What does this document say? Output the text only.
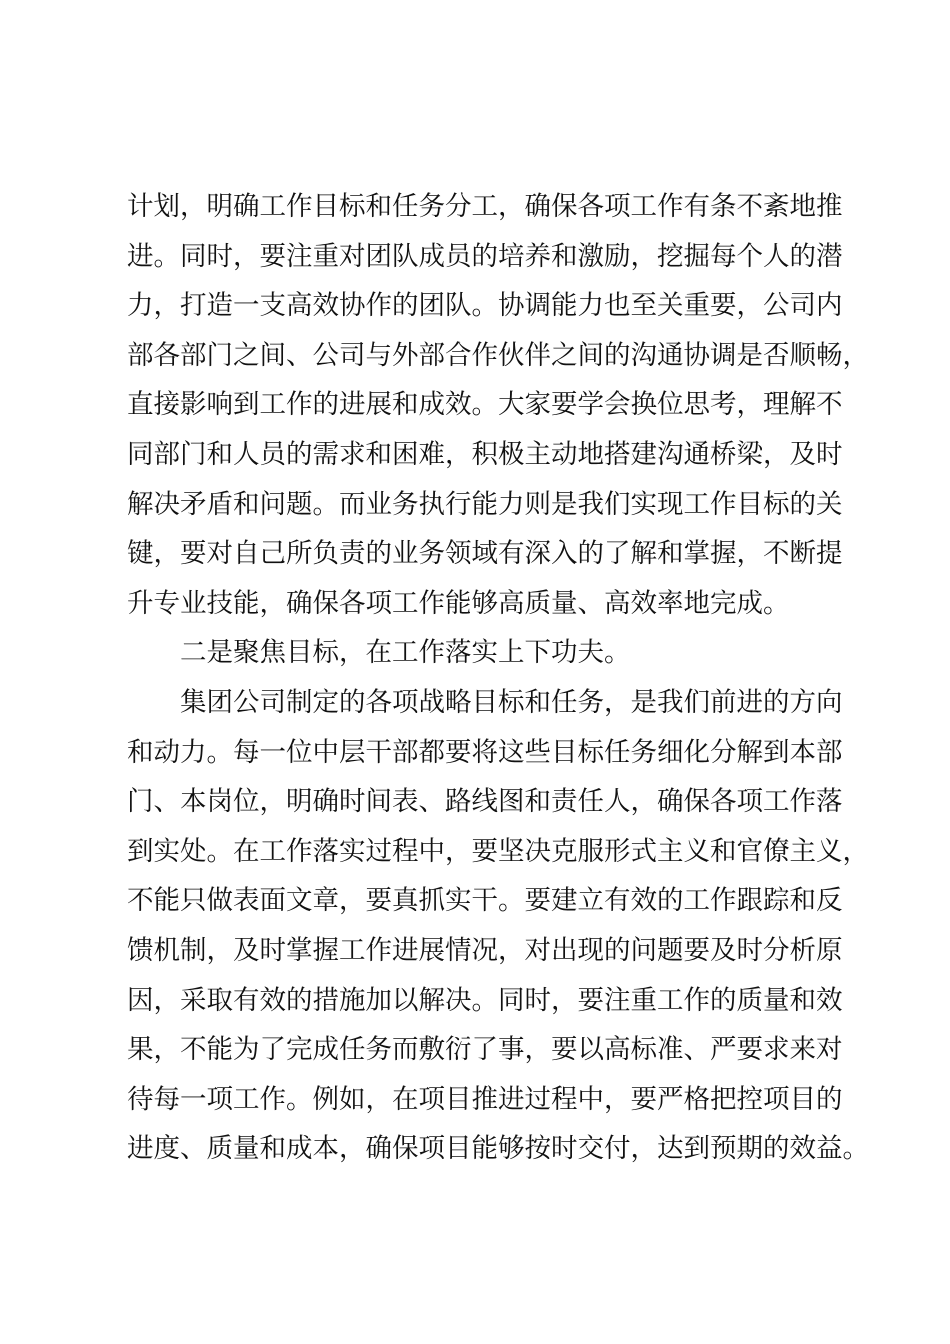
计划，明确工作目标和任务分工，确保各项工作有条不紊地推
进。同时，要注重对团队成员的培养和激励，挖掘每个人的潜
力，打造一支高效协作的团队。协调能力也至关重要，公司内
部各部门之间、公司与外部合作伙伴之间的沟通协调是否顺畅，
直接影响到工作的进展和成效。大家要学会换位思考，理解不
同部门和人员的需求和困难，积极主动地搭建沟通桥梁，及时
解决矛盾和问题。而业务执行能力则是我们实现工作目标的关
键，要对自己所负责的业务领域有深入的了解和掌握，不断提
升专业技能，确保各项工作能够高质量、高效率地完成。
二是聚焦目标，在工作落实上下功夫。
集团公司制定的各项战略目标和任务，是我们前进的方向
和动力。每一位中层干部都要将这些目标任务细化分解到本部
门、本岗位，明确时间表、路线图和责任人，确保各项工作落
到实处。在工作落实过程中，要坚决克服形式主义和官僚主义，
不能只做表面文章，要真抓实干。要建立有效的工作跟踪和反
馈机制，及时掌握工作进展情况，对出现的问题要及时分析原
因，采取有效的措施加以解决。同时，要注重工作的质量和效
果，不能为了完成任务而敷衍了事，要以高标准、严要求来对
待每一项工作。例如，在项目推进过程中，要严格把控项目的
进度、质量和成本，确保项目能够按时交付，达到预期的效益。
